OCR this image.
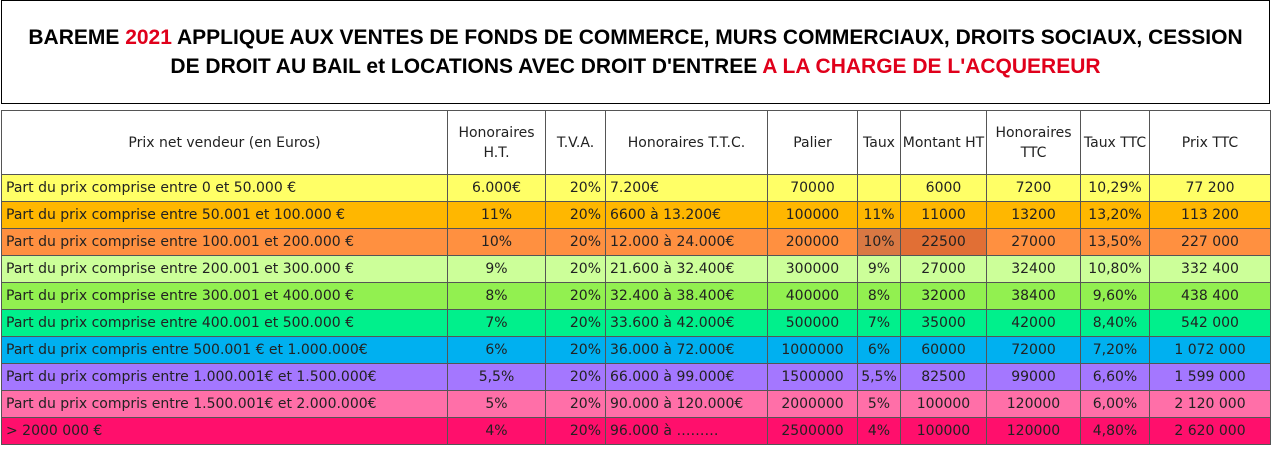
BAREME 2021 APPLIQUE AUX VENTES DE FONDS DE COMMERCE, MURS COMMERCIAUX, DROITS SOCIAUX, CESSION
DE DROIT AU BAIL et LOCATIONS AVEC DROIT D'ENTREE A LA CHARGE DE L'ACQUEREUR
Prix net vendeur (en Euros)	Honoraires H.T.	T.V.A.	Honoraires T.T.C.	Palier	Taux	Montant HT	Honoraires TTC	Taux TTC	Prix TTC
Part du prix comprise entre 0 et 50.000 €	6.000€	20%	7.200€	70000		6000	7200	10,29%	77 200
Part du prix comprise entre 50.001 et 100.000 €	11%	20%	6600 à 13.200€	100000	11%	11000	13200	13,20%	113 200
Part du prix comprise entre 100.001 et 200.000 €	10%	20%	12.000 à 24.000€	200000	10%	22500	27000	13,50%	227 000
Part du prix comprise entre 200.001 et 300.000 €	9%	20%	21.600 à 32.400€	300000	9%	27000	32400	10,80%	332 400
Part du prix comprise entre 300.001 et 400.000 €	8%	20%	32.400 à 38.400€	400000	8%	32000	38400	9,60%	438 400
Part du prix comprise entre 400.001 et 500.000 €	7%	20%	33.600 à 42.000€	500000	7%	35000	42000	8,40%	542 000
Part du prix compris entre 500.001 € et 1.000.000€	6%	20%	36.000 à 72.000€	1000000	6%	60000	72000	7,20%	1 072 000
Part du prix compris entre 1.000.001€ et 1.500.000€	5,5%	20%	66.000 à 99.000€	1500000	5,5%	82500	99000	6,60%	1 599 000
Part du prix compris entre 1.500.001€ et 2.000.000€	5%	20%	90.000 à 120.000€	2000000	5%	100000	120000	6,00%	2 120 000
> 2000 000 €	4%	20%	96.000 à ………	2500000	4%	100000	120000	4,80%	2 620 000
